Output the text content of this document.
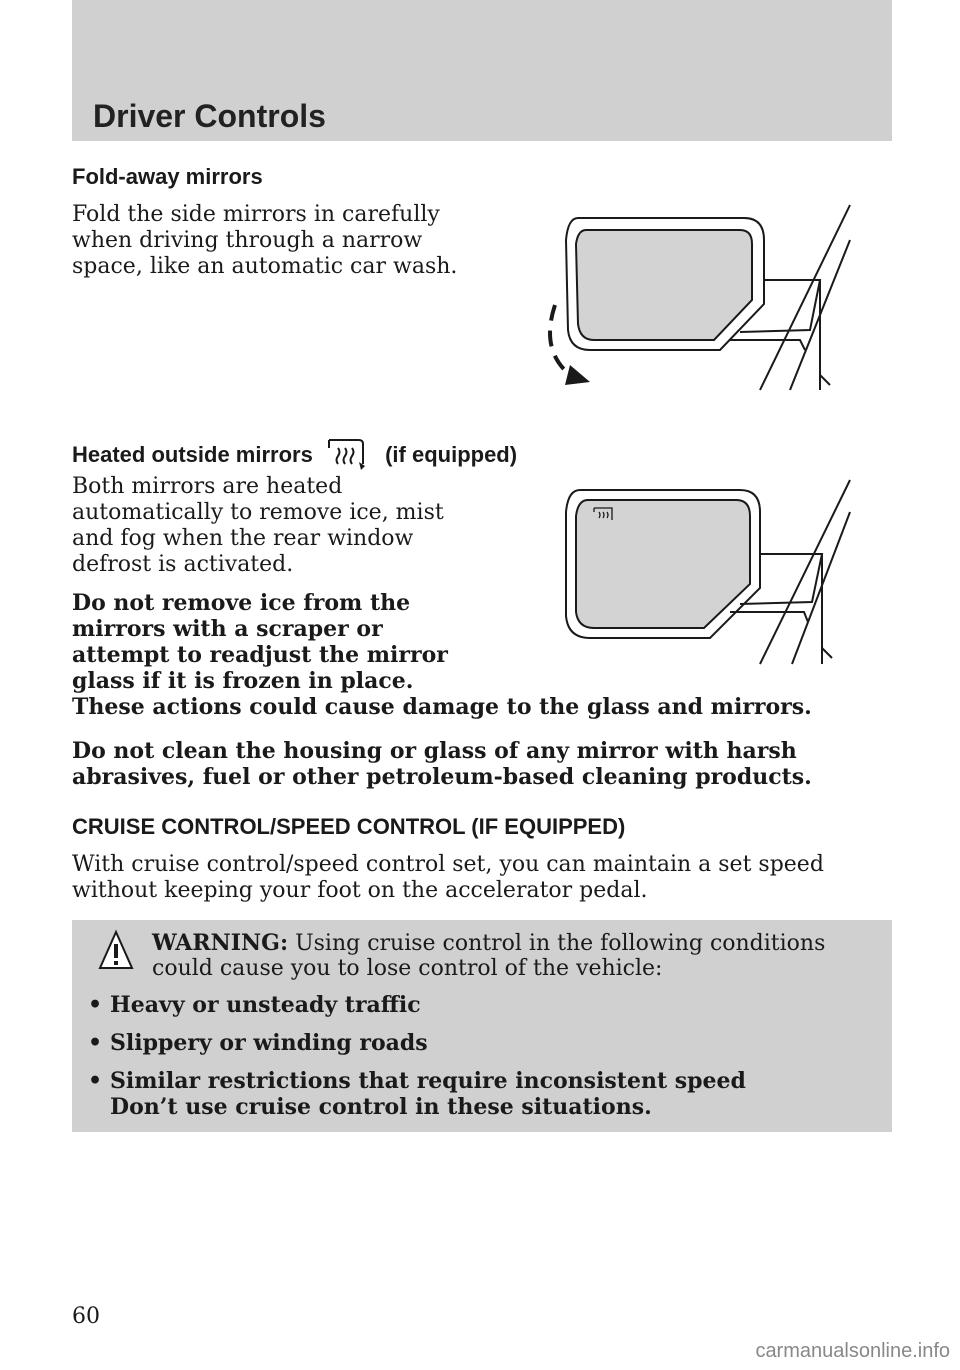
Driver Controls
Fold-away mirrors

Fold the side mirrors in carefully

when driving through a narrow

space, like an automatic car wash.

Heated outside mirrors	(if equipped)

Both mirrors are heated

automatically to remove ice, mist

and fog when the rear window

defrost is activated.

Do not remove ice from the

mirrors with a scraper or

attempt to readjust the mirror

glass if it is frozen in place.

These actions could cause damage to the glass and mirrors.

Do not clean the housing or glass of any mirror with harsh

abrasives, fuel or other petroleum-based cleaning products.

CRUISE CONTROL/SPEED CONTROL (IF EQUIPPED)

With cruise control/speed control set, you can maintain a set speed

without keeping your foot on the accelerator pedal.

WARNING: Using cruise control in the following conditions

could cause you to lose control of the vehicle:

• Heavy or unsteady traffic

• Slippery or winding roads

• Similar restrictions that require inconsistent speed

Don’t use cruise control in these situations.

60

carmanualsonline.info
